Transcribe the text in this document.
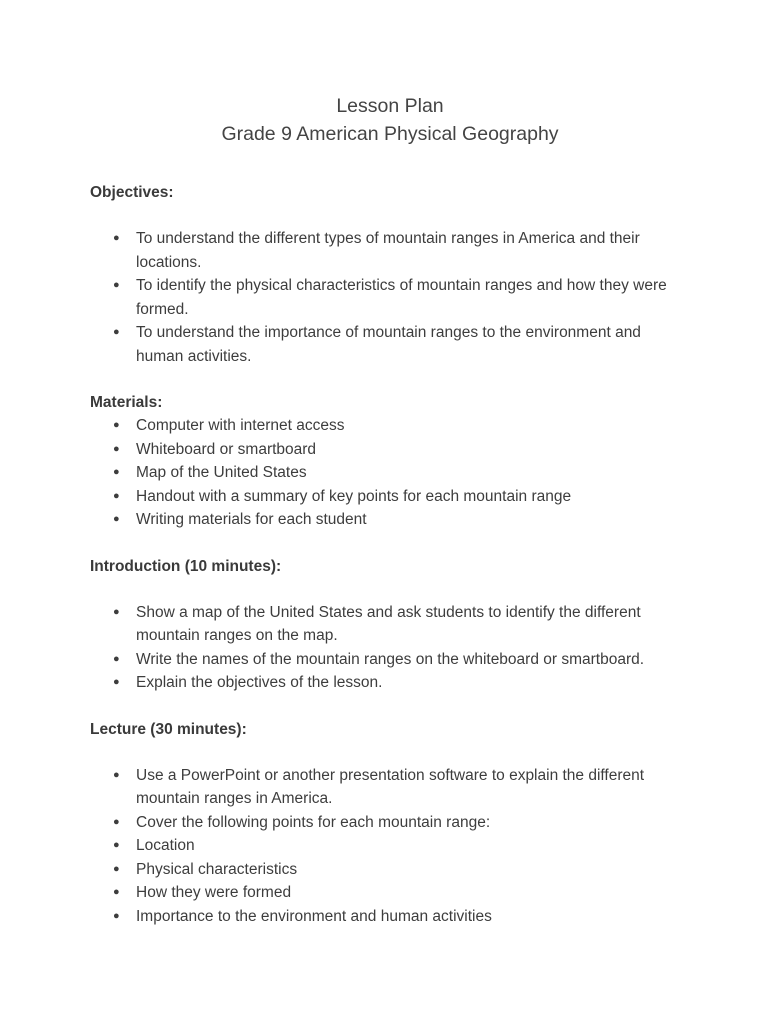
Lesson Plan

Grade 9 American Physical Geography

Objectives:

● To understand the different types of mountain ranges in America and their locations.
● To identify the physical characteristics of mountain ranges and how they were formed.
● To understand the importance of mountain ranges to the environment and human activities.

Materials:

● Computer with internet access
● Whiteboard or smartboard
● Map of the United States
● Handout with a summary of key points for each mountain range
● Writing materials for each student

Introduction (10 minutes):

● Show a map of the United States and ask students to identify the different mountain ranges on the map.
● Write the names of the mountain ranges on the whiteboard or smartboard.
● Explain the objectives of the lesson.

Lecture (30 minutes):

● Use a PowerPoint or another presentation software to explain the different mountain ranges in America.
● Cover the following points for each mountain range:
● Location
● Physical characteristics
● How they were formed
● Importance to the environment and human activities
